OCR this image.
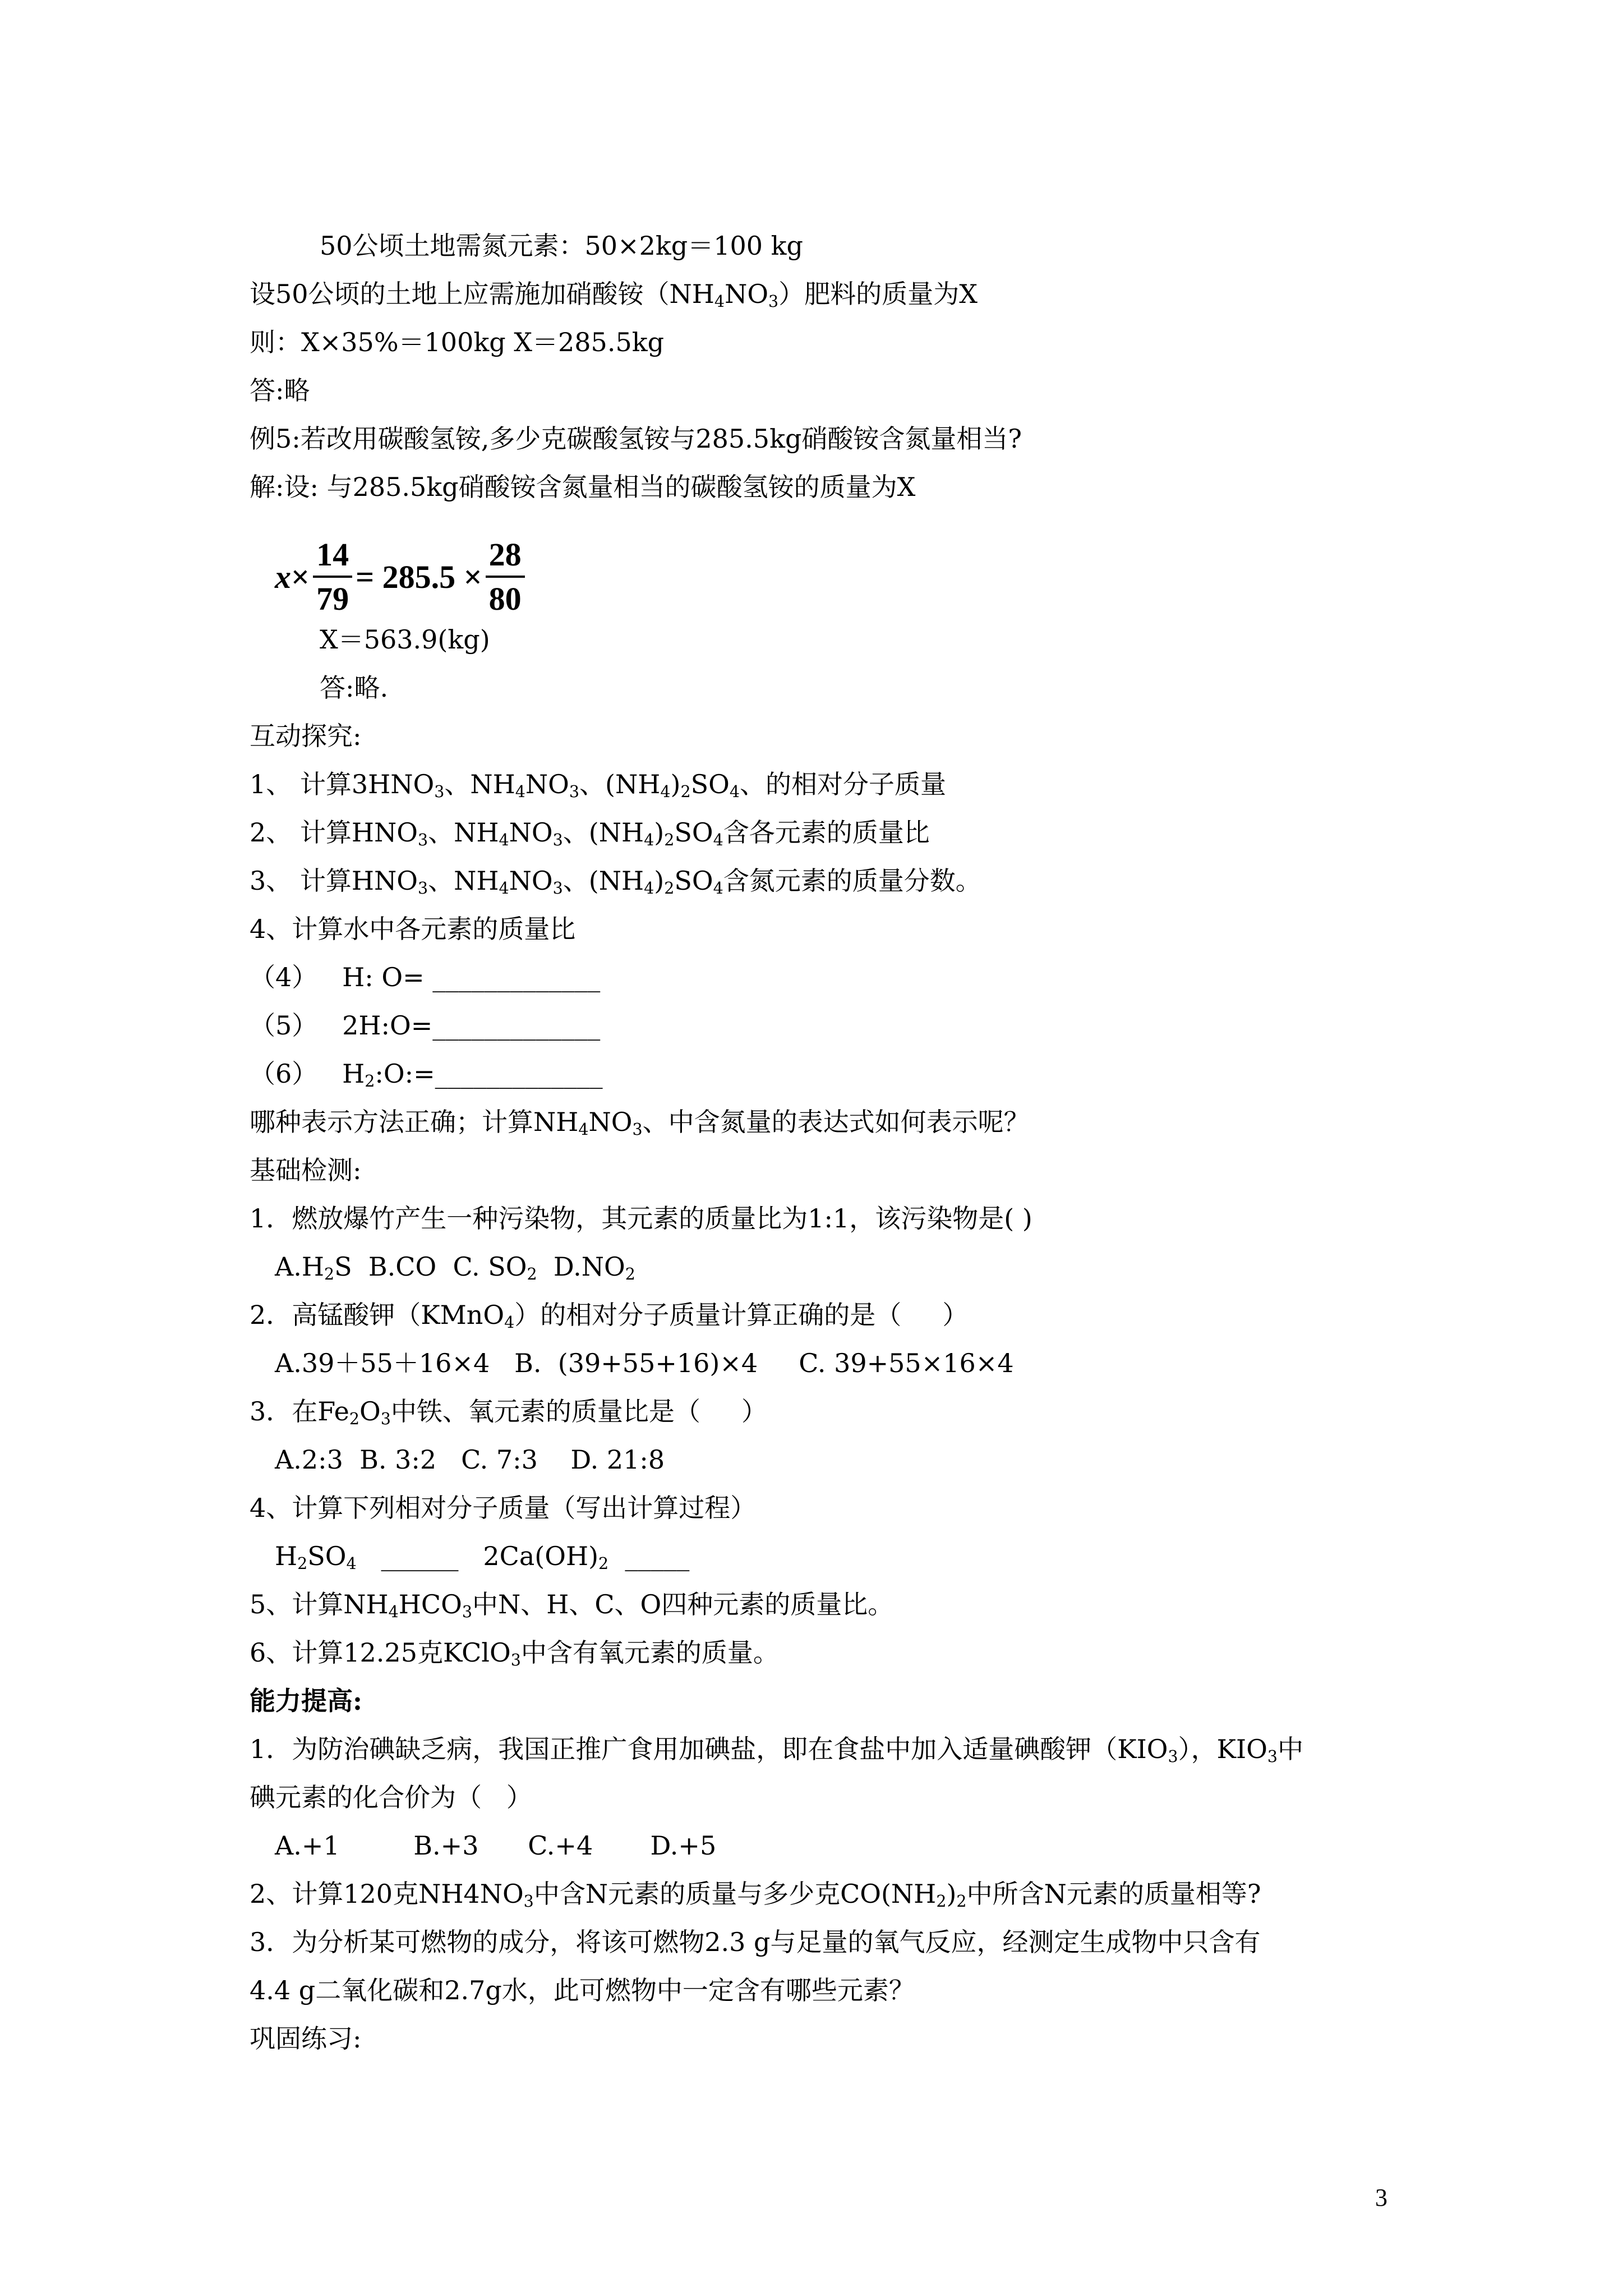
50公顷土地需氮元素：50×2kg＝100 kg
设50公顷的土地上应需施加硝酸铵$(NH_4NO_3)$肥料的质量为X
则：X×35%＝100kg X＝285.5kg
答:略
例5:若改用碳酸氢铵,多少克碳酸氢铵与285.5kg硝酸铵含氮量相当?
解:设: 与285.5kg硝酸铵含氮量相当的碳酸氢铵的质量为X
$x \times \frac{14}{79} = 285.5 \times \frac{28}{80}$
X＝563.9(kg)
答:略.
互动探究:
1、 计算$3HNO_3$、$NH_4NO_3$、$(NH_4)_2SO_4$、的相对分子质量
2、 计算$HNO_3$、$NH_4NO_3$、$(NH_4)_2SO_4$含各元素的质量比
3、 计算$HNO_3$、$NH_4NO_3$、$(NH_4)_2SO_4$含氮元素的质量分数。
4、计算水中各元素的质量比
（4）   H: O= _____________
（5）   2H:O=_____________
（6）   $H_2:O:=\_\_\_\_\_\_\_\_\_\_\_\_\_$
哪种表示方法正确；计算$NH_4NO_3$、中含氮量的表达式如何表示呢？
基础检测:
1．燃放爆竹产生一种污染物，其元素的质量比为1:1，该污染物是( )
$A.H_2S$  B.CO  C. $SO_2$  $D.NO_2$
2．高锰酸钾（KMnO$_4$）的相对分子质量计算正确的是（     ）
A.39＋55＋16×4   B.  (39+55+16)×4     C. 39+55×16×4
3．在$Fe_2O_3$中铁、氧元素的质量比是（     ）
A.2:3  B. 3:2   C. 7:3    D. 21:8
4、计算下列相对分子质量（写出计算过程）
$H_2SO_4$   ______   $2Ca(OH)_2$  _____
5、计算$NH_4HCO_3$中N、H、C、O四种元素的质量比。
6、计算12.25克KClO$_3$中含有氧元素的质量。
能力提高:
1．为防治碘缺乏病，我国正推广食用加碘盐，即在食盐中加入适量碘酸钾$(KIO_3)$，$KIO_3$中
碘元素的化合价为（   ）
A.+1         B.+3      C.+4       D.+5
2、计算120克$NH4NO_3$中含N元素的质量与多少克$CO(NH_2)_2$中所含N元素的质量相等?
3．为分析某可燃物的成分，将该可燃物2.3 g与足量的氧气反应，经测定生成物中只含有
4.4 g二氧化碳和2.7g水，此可燃物中一定含有哪些元素？
巩固练习:
3
